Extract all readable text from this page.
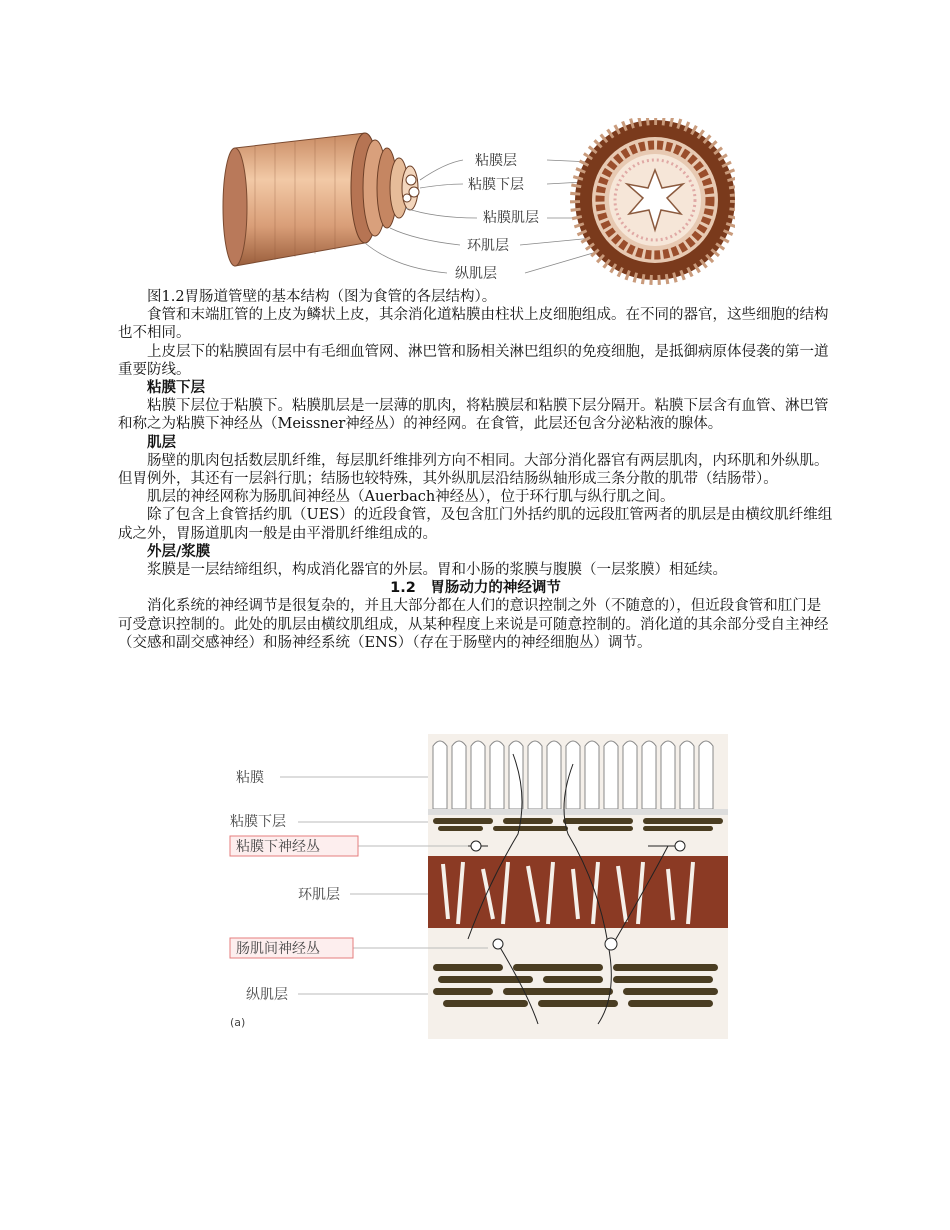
粘膜层
粘膜下层
粘膜肌层
环肌层
纵肌层

图1.2胃肠道管壁的基本结构（图为食管的各层结构）。

食管和末端肛管的上皮为鳞状上皮，其余消化道粘膜由柱状上皮细胞组成。在不同的器官，这些细胞的结构也不相同。

上皮层下的粘膜固有层中有毛细血管网、淋巴管和肠相关淋巴组织的免疫细胞，是抵御病原体侵袭的第一道重要防线。

粘膜下层

粘膜下层位于粘膜下。粘膜肌层是一层薄的肌肉，将粘膜层和粘膜下层分隔开。粘膜下层含有血管、淋巴管和称之为粘膜下神经丛（Meissner神经丛）的神经网。在食管，此层还包含分泌粘液的腺体。

肌层

肠壁的肌肉包括数层肌纤维，每层肌纤维排列方向不相同。大部分消化器官有两层肌肉，内环肌和外纵肌。但胃例外，其还有一层斜行肌；结肠也较特殊，其外纵肌层沿结肠纵轴形成三条分散的肌带（结肠带）。

肌层的神经网称为肠肌间神经丛（Auerbach神经丛），位于环行肌与纵行肌之间。

除了包含上食管括约肌（UES）的近段食管，及包含肛门外括约肌的远段肛管两者的肌层是由横纹肌纤维组成之外，胃肠道肌肉一般是由平滑肌纤维组成的。

外层/浆膜

浆膜是一层结缔组织，构成消化器官的外层。胃和小肠的浆膜与腹膜（一层浆膜）相延续。

1.2　胃肠动力的神经调节

消化系统的神经调节是很复杂的，并且大部分都在人们的意识控制之外（不随意的），但近段食管和肛门是可受意识控制的。此处的肌层由横纹肌组成，从某种程度上来说是可随意控制的。消化道的其余部分受自主神经（交感和副交感神经）和肠神经系统（ENS）（存在于肠壁内的神经细胞丛）调节。

粘膜
粘膜下层
粘膜下神经丛
环肌层
肠肌间神经丛
纵肌层
(a)
